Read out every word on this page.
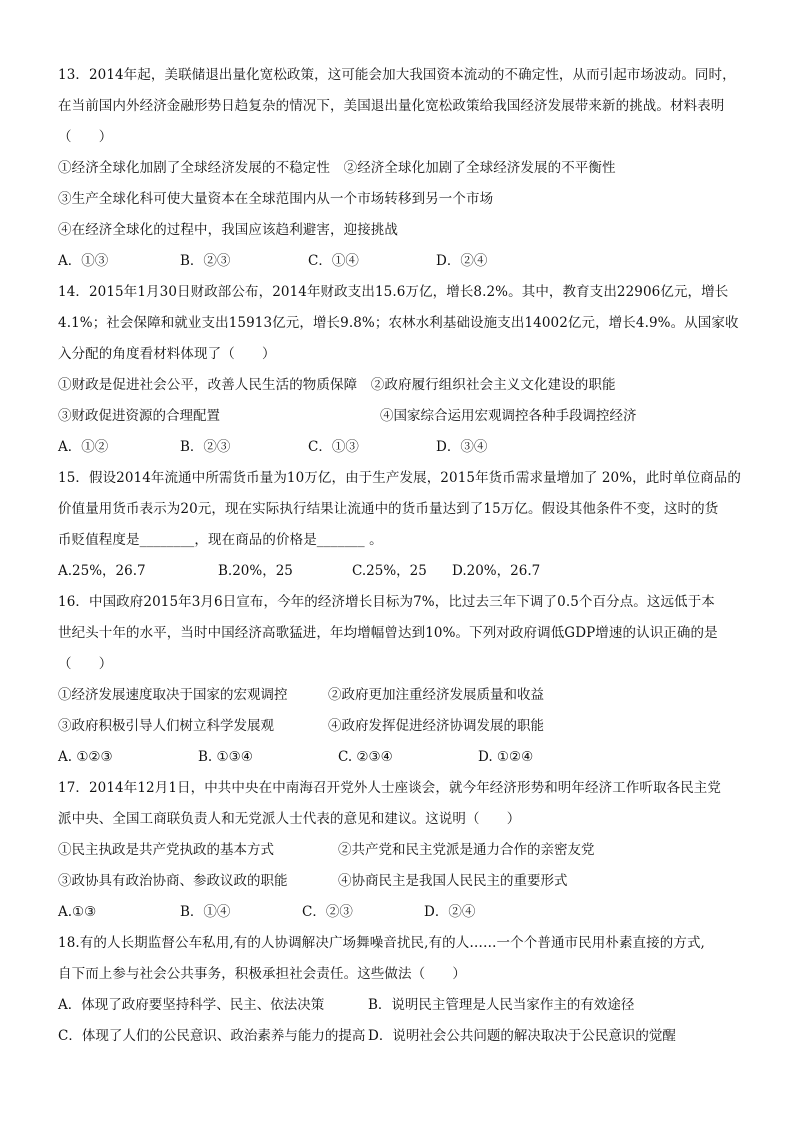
13．2014年起，美联储退出量化宽松政策，这可能会加大我国资本流动的不确定性，从而引起市场波动。同时，
在当前国内外经济金融形势日趋复杂的情况下，美国退出量化宽松政策给我国经济发展带来新的挑战。材料表明
（　　）
①经济全球化加剧了全球经济发展的不稳定性　②经济全球化加剧了全球经济发展的不平衡性
③生产全球化科可使大量资本在全球范围内从一个市场转移到另一个市场
④在经济全球化的过程中，我国应该趋利避害，迎接挑战
A．①③	B．②③	C．①④	D．②④
14．2015年1月30日财政部公布，2014年财政支出15.6万亿，增长8.2%。其中，教育支出22906亿元，增长
4.1%；社会保障和就业支出15913亿元，增长9.8%；农林水利基础设施支出14002亿元，增长4.9%。从国家收
入分配的角度看材料体现了（　　）
①财政是促进社会公平，改善人民生活的物质保障　②政府履行组织社会主义文化建设的职能
③财政促进资源的合理配置	④国家综合运用宏观调控各种手段调控经济
A．①②	B．②③	C．①③	D．③④
15．假设2014年流通中所需货币量为10万亿，由于生产发展，2015年货币需求量增加了 20%，此时单位商品的
价值量用货币表示为20元，现在实际执行结果让流通中的货币量达到了15万亿。假设其他条件不变，这时的货
币贬值程度是________，现在商品的价格是_______ 。
A.25%，26.7	B.20%，25	C.25%，25	D.20%，26.7
16．中国政府2015年3月6日宣布，今年的经济增长目标为7%，比过去三年下调了0.5个百分点。这远低于本
世纪头十年的水平，当时中国经济高歌猛进，年均增幅曾达到10%。下列对政府调低GDP增速的认识正确的是
（　　）
①经济发展速度取决于国家的宏观调控	②政府更加注重经济发展质量和收益
③政府积极引导人们树立科学发展观	④政府发挥促进经济协调发展的职能
A. ①②③	B. ①③④	C. ②③④	D. ①②④
17．2014年12月1日，中共中央在中南海召开党外人士座谈会，就今年经济形势和明年经济工作听取各民主党
派中央、全国工商联负责人和无党派人士代表的意见和建议。这说明（　　）
①民主执政是共产党执政的基本方式	②共产党和民主党派是通力合作的亲密友党
③政协具有政治协商、参政议政的职能	④协商民主是我国人民民主的重要形式
A.①③	B．①④	C．②③	D．②④
18.有的人长期监督公车私用,有的人协调解决广场舞噪音扰民,有的人……一个个普通市民用朴素直接的方式,
自下而上参与社会公共事务，积极承担社会责任。这些做法（　　）
A．体现了政府要坚持科学、民主、依法决策	B．说明民主管理是人民当家作主的有效途径
C．体现了人们的公民意识、政治素养与能力的提高 D．说明社会公共问题的解决取决于公民意识的觉醒
